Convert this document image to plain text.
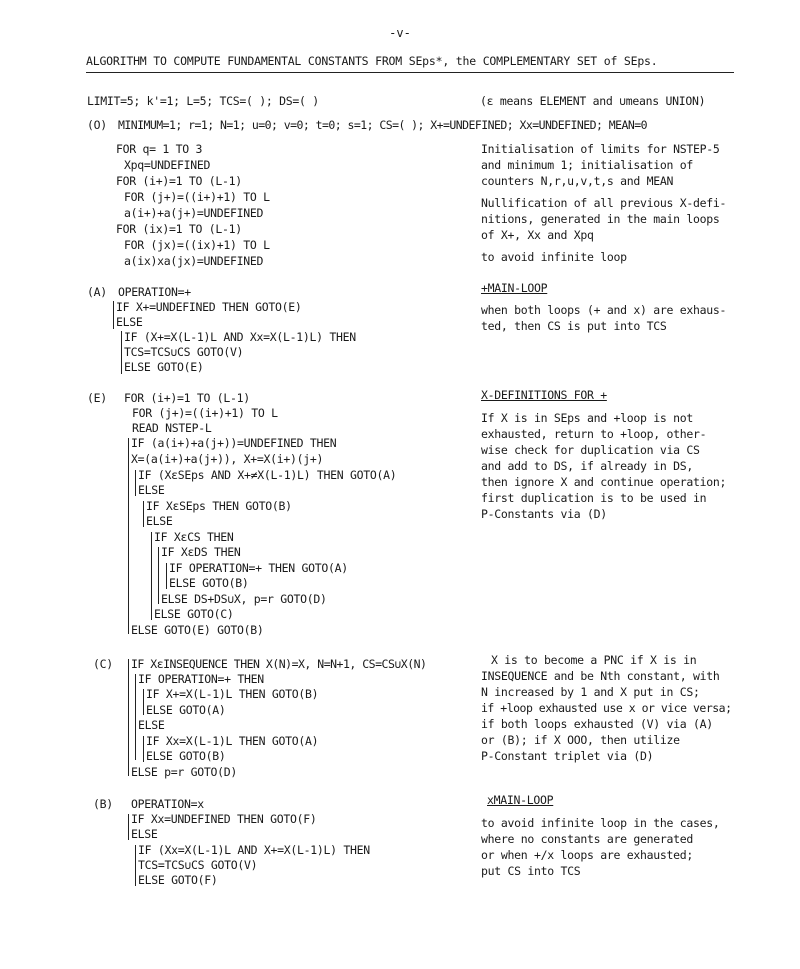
-v-
ALGORITHM TO COMPUTE FUNDAMENTAL CONSTANTS FROM SEps*, the COMPLEMENTARY SET of SEps.
LIMIT=5; k'=1; L=5; TCS=( ); DS=( )	(ε means ELEMENT and ∪means UNION)
(O) MINIMUM=1; r=1; N=1; u=0; v=0; t=0; s=1; CS=( ); X+=UNDEFINED; Xx=UNDEFINED; MEAN=0
FOR q= 1 TO 3
Xpq=UNDEFINED
FOR (i+)=1 TO (L-1)
FOR (j+)=((i+)+1) TO L
a(i+)+a(j+)=UNDEFINED
FOR (ix)=1 TO (L-1)
FOR (jx)=((ix)+1) TO L
a(ix)xa(jx)=UNDEFINED
Initialisation of limits for NSTEP-5
and minimum 1; initialisation of
counters N,r,u,v,t,s and MEAN
Nullification of all previous X-defi-
nitions, generated in the main loops
of X+, Xx and Xpq
to avoid infinite loop
(A) OPERATION=+
IF X+=UNDEFINED THEN GOTO(E)
ELSE
IF (X+=X(L-1)L AND Xx=X(L-1)L) THEN
TCS=TCS∪CS GOTO(V)
ELSE GOTO(E)
+MAIN-LOOP
when both loops (+ and x) are exhaus-
ted, then CS is put into TCS
(E) FOR (i+)=1 TO (L-1)
FOR (j+)=((i+)+1) TO L
READ NSTEP-L
IF (a(i+)+a(j+))=UNDEFINED THEN
X=(a(i+)+a(j+)), X+=X(i+)(j+)
IF (XεSEps AND X+≠X(L-1)L) THEN GOTO(A)
ELSE
IF XεSEps THEN GOTO(B)
ELSE
IF XεCS THEN
IF XεDS THEN
IF OPERATION=+ THEN GOTO(A)
ELSE GOTO(B)
ELSE DS+DS∪X, p=r GOTO(D)
ELSE GOTO(C)
ELSE GOTO(E) GOTO(B)
X-DEFINITIONS FOR +
If X is in SEps and +loop is not
exhausted, return to +loop, other-
wise check for duplication via CS
and add to DS, if already in DS,
then ignore X and continue operation;
first duplication is to be used in
P-Constants via (D)
(C) IF XεINSEQUENCE THEN X(N)=X, N=N+1, CS=CS∪X(N)
IF OPERATION=+ THEN
IF X+=X(L-1)L THEN GOTO(B)
ELSE GOTO(A)
ELSE
IF Xx=X(L-1)L THEN GOTO(A)
ELSE GOTO(B)
ELSE p=r GOTO(D)
X is to become a PNC if X is in
INSEQUENCE and be Nth constant, with
N increased by 1 and X put in CS;
if +loop exhausted use x or vice versa;
if both loops exhausted (V) via (A)
or (B); if X OOO, then utilize
P-Constant triplet via (D)
(B) OPERATION=x
IF Xx=UNDEFINED THEN GOTO(F)
ELSE
IF (Xx=X(L-1)L AND X+=X(L-1)L) THEN
TCS=TCS∪CS GOTO(V)
ELSE GOTO(F)
xMAIN-LOOP
to avoid infinite loop in the cases,
where no constants are generated
or when +/x loops are exhausted;
put CS into TCS
